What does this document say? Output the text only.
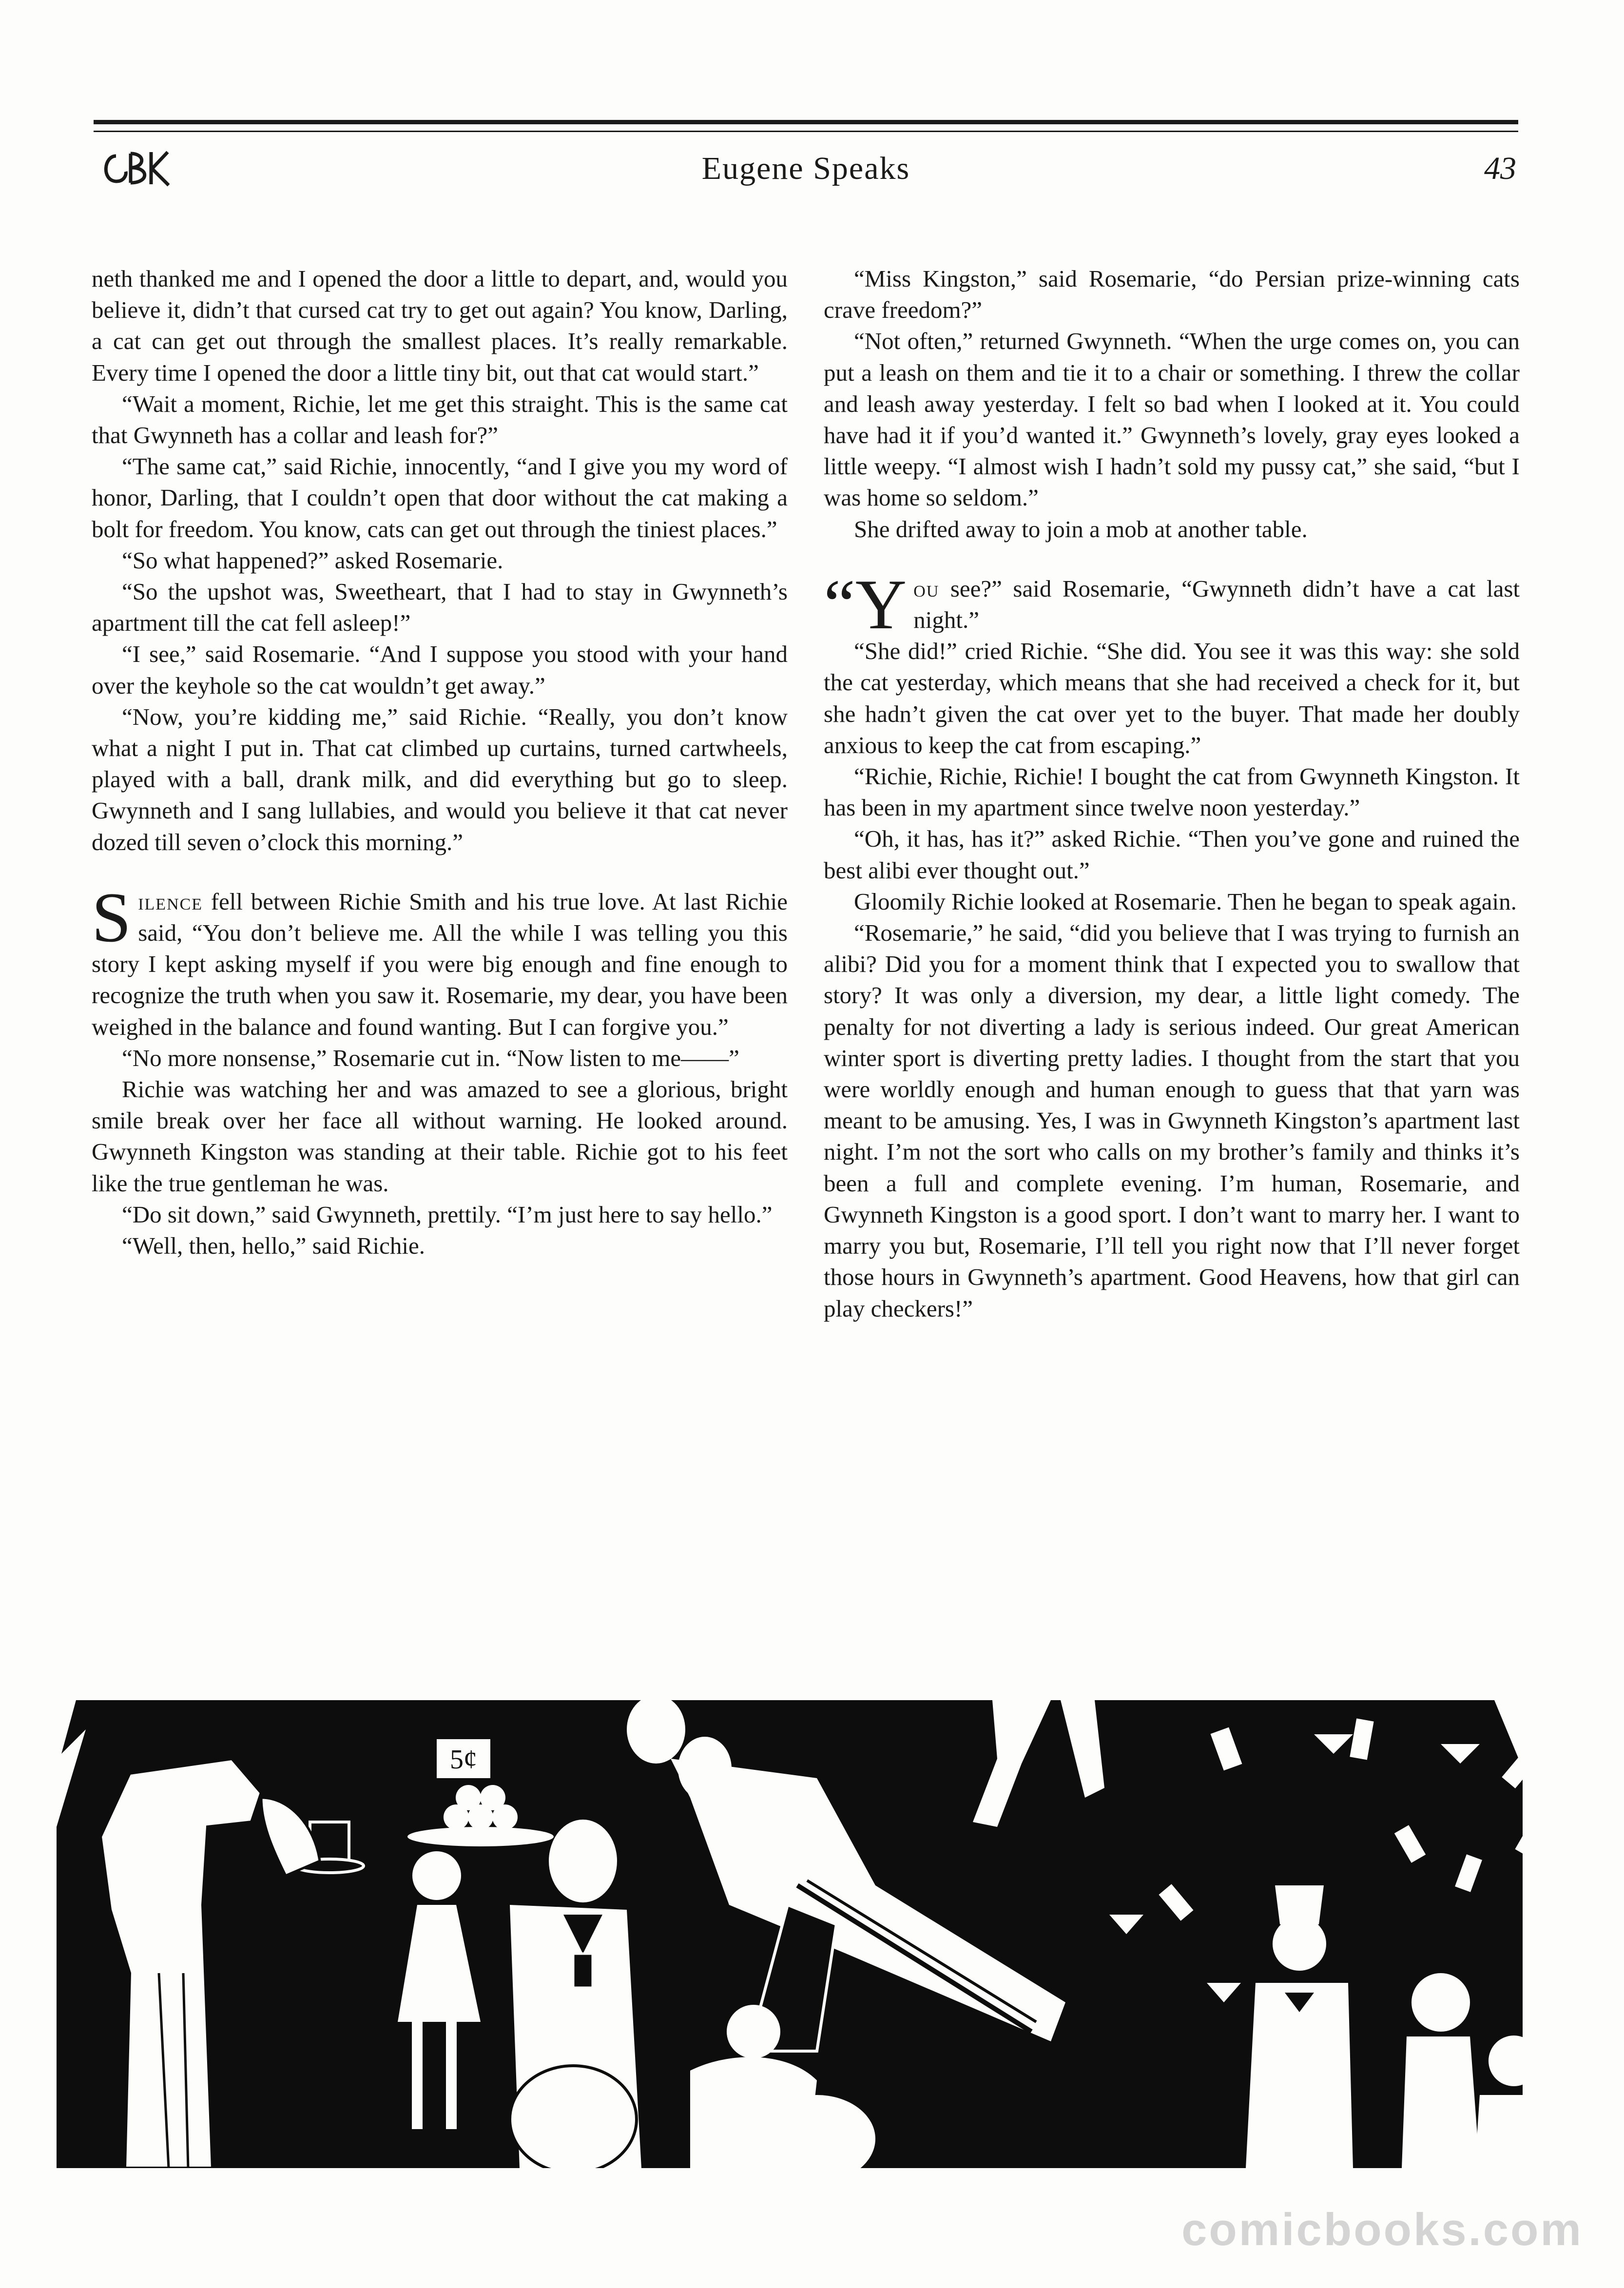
Eugene Speaks	43

neth thanked me and I opened the door a little to depart, and, would you believe it, didn’t that cursed cat try to get out again? You know, Darling, a cat can get out through the smallest places. It’s really remarkable. Every time I opened the door a little tiny bit, out that cat would start.”

“Wait a moment, Richie, let me get this straight. This is the same cat that Gwynneth has a collar and leash for?”

“The same cat,” said Richie, innocently, “and I give you my word of honor, Darling, that I couldn’t open that door without the cat making a bolt for freedom. You know, cats can get out through the tiniest places.”

“So what happened?” asked Rosemarie.

“So the upshot was, Sweetheart, that I had to stay in Gwynneth’s apartment till the cat fell asleep!”

“I see,” said Rosemarie. “And I suppose you stood with your hand over the keyhole so the cat wouldn’t get away.”

“Now, you’re kidding me,” said Richie. “Really, you don’t know what a night I put in. That cat climbed up curtains, turned cartwheels, played with a ball, drank milk, and did everything but go to sleep. Gwynneth and I sang lullabies, and would you believe it that cat never dozed till seven o’clock this morning.”

Silence fell between Richie Smith and his true love. At last Richie said, “You don’t believe me. All the while I was telling you this story I kept asking myself if you were big enough and fine enough to recognize the truth when you saw it. Rosemarie, my dear, you have been weighed in the balance and found wanting. But I can forgive you.”

“No more nonsense,” Rosemarie cut in. “Now listen to me——”

Richie was watching her and was amazed to see a glorious, bright smile break over her face all without warning. He looked around. Gwynneth Kingston was standing at their table. Richie got to his feet like the true gentleman he was.

“Do sit down,” said Gwynneth, prettily. “I’m just here to say hello.”

“Well, then, hello,” said Richie.

“Miss Kingston,” said Rosemarie, “do Persian prize-winning cats crave freedom?”

“Not often,” returned Gwynneth. “When the urge comes on, you can put a leash on them and tie it to a chair or something. I threw the collar and leash away yesterday. I felt so bad when I looked at it. You could have had it if you’d wanted it.” Gwynneth’s lovely, gray eyes looked a little weepy. “I almost wish I hadn’t sold my pussy cat,” she said, “but I was home so seldom.”

She drifted away to join a mob at another table.

“You see?” said Rosemarie, “Gwynneth didn’t have a cat last night.”

“She did!” cried Richie. “She did. You see it was this way: she sold the cat yesterday, which means that she had received a check for it, but she hadn’t given the cat over yet to the buyer. That made her doubly anxious to keep the cat from escaping.”

“Richie, Richie, Richie! I bought the cat from Gwynneth Kingston. It has been in my apartment since twelve noon yesterday.”

“Oh, it has, has it?” asked Richie. “Then you’ve gone and ruined the best alibi ever thought out.”

Gloomily Richie looked at Rosemarie. Then he began to speak again.

“Rosemarie,” he said, “did you believe that I was trying to furnish an alibi? Did you for a moment think that I expected you to swallow that story? It was only a diversion, my dear, a little light comedy. The penalty for not diverting a lady is serious indeed. Our great American winter sport is diverting pretty ladies. I thought from the start that you were worldly enough and human enough to guess that that yarn was meant to be amusing. Yes, I was in Gwynneth Kingston’s apartment last night. I’m not the sort who calls on my brother’s family and thinks it’s been a full and complete evening. I’m human, Rosemarie, and Gwynneth Kingston is a good sport. I don’t want to marry her. I want to marry you but, Rosemarie, I’ll tell you right now that I’ll never forget those hours in Gwynneth’s apartment. Good Heavens, how that girl can play checkers!”

5¢
comicbooks.com
